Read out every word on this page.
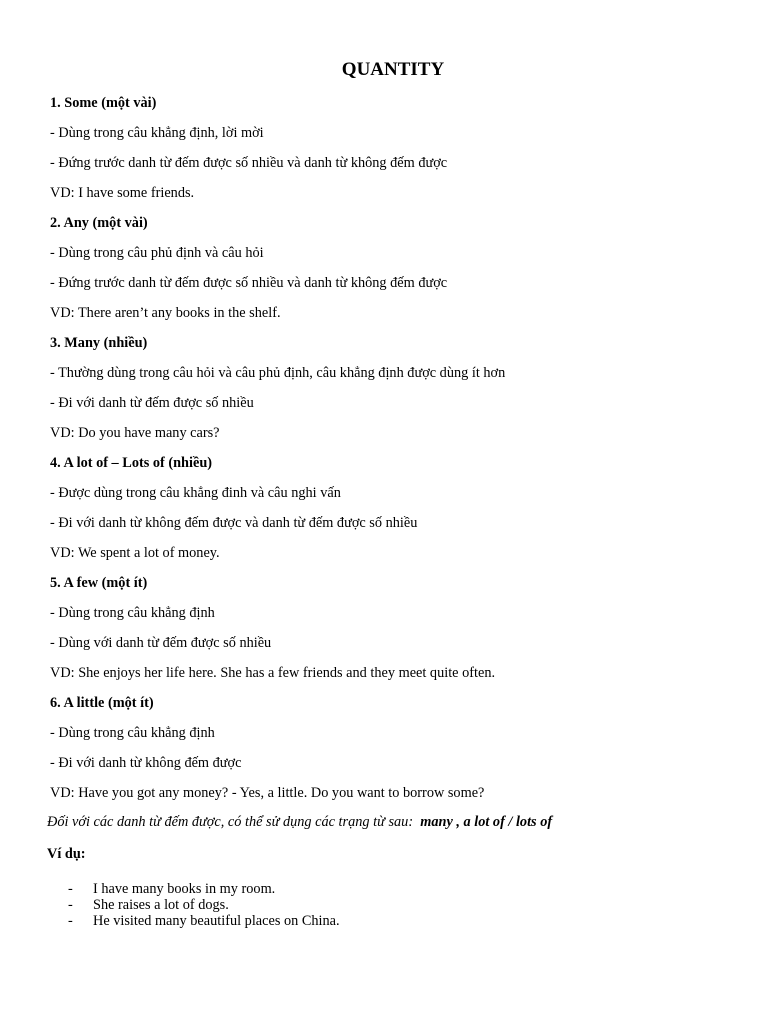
QUANTITY
1. Some (một vài)
- Dùng trong câu khẳng định, lời mời
- Đứng trước danh từ đếm được số nhiều và danh từ không đếm được
VD: I have some friends.
2. Any (một vài)
- Dùng trong câu phủ định và câu hỏi
- Đứng trước danh từ đếm được số nhiều và danh từ không đếm được
VD: There aren’t any books in the shelf.
3. Many (nhiều)
- Thường dùng trong câu hỏi và câu phủ định, câu khẳng định được dùng ít hơn
- Đi với danh từ đếm được số nhiều
VD: Do you have many cars?
4. A lot of – Lots of (nhiều)
- Được dùng trong câu khẳng đinh và câu nghi vấn
- Đi với danh từ không đếm được và danh từ đếm được số nhiều
VD: We spent a lot of money.
5. A few (một ít)
- Dùng trong câu khẳng định
- Dùng với danh từ đếm được số nhiều
VD: She enjoys her life here. She has a few friends and they meet quite often.
6. A little (một ít)
- Dùng trong câu khẳng định
- Đi với danh từ không đếm được
VD: Have you got any money? - Yes, a little. Do you want to borrow some?
Đối với các danh từ đếm được, có thể sử dụng các trạng từ sau: many , a lot of / lots of
Ví dụ:
- I have many books in my room.
- She raises a lot of dogs.
- He visited many beautiful places on China.
